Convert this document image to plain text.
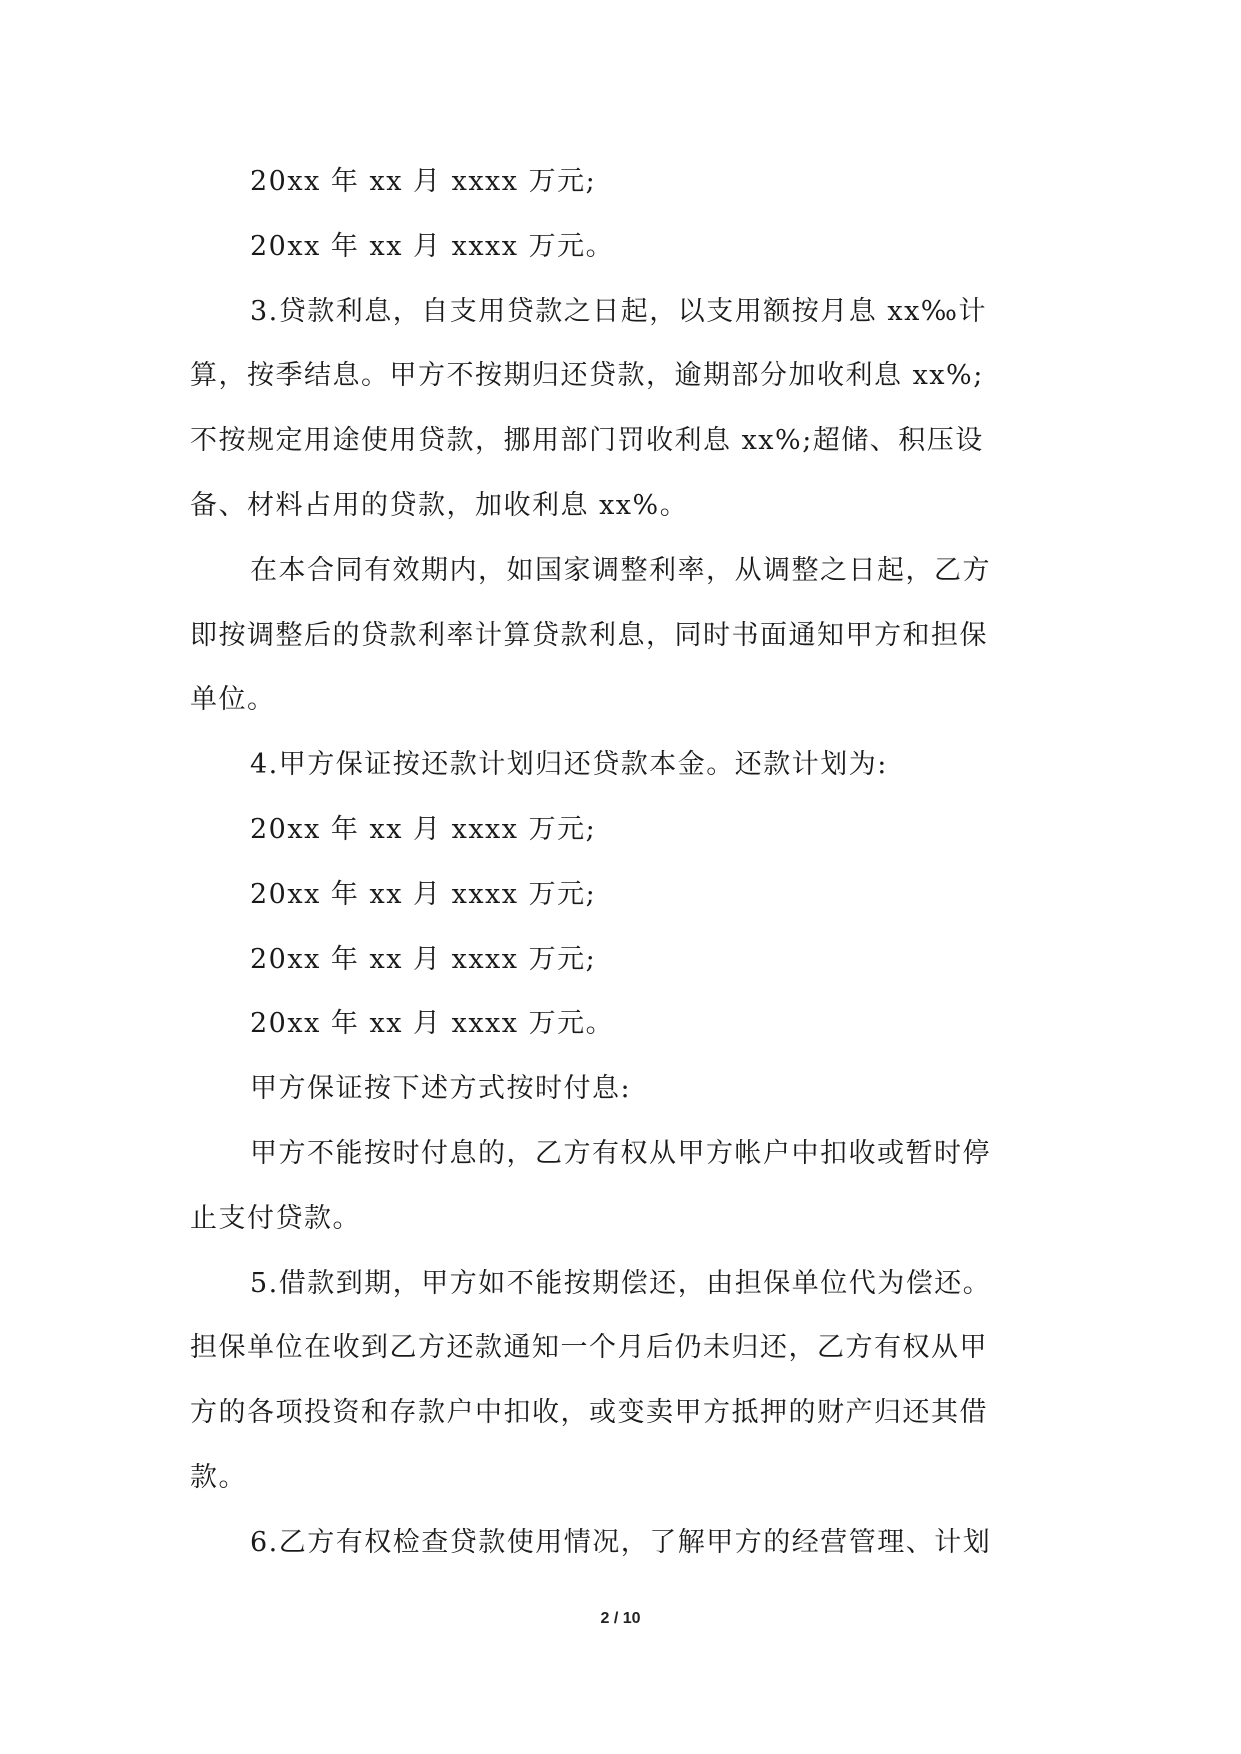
20xx 年 xx 月 xxxx 万元;
20xx 年 xx 月 xxxx 万元。
3.贷款利息，自支用贷款之日起，以支用额按月息 xx‰计
算，按季结息。甲方不按期归还贷款，逾期部分加收利息 xx%;
不按规定用途使用贷款，挪用部门罚收利息 xx%;超储、积压设
备、材料占用的贷款，加收利息 xx%。
在本合同有效期内，如国家调整利率，从调整之日起，乙方
即按调整后的贷款利率计算贷款利息，同时书面通知甲方和担保
单位。
4.甲方保证按还款计划归还贷款本金。还款计划为:
20xx 年 xx 月 xxxx 万元;
20xx 年 xx 月 xxxx 万元;
20xx 年 xx 月 xxxx 万元;
20xx 年 xx 月 xxxx 万元。
甲方保证按下述方式按时付息:
甲方不能按时付息的，乙方有权从甲方帐户中扣收或暂时停
止支付贷款。
5.借款到期，甲方如不能按期偿还，由担保单位代为偿还。
担保单位在收到乙方还款通知一个月后仍未归还，乙方有权从甲
方的各项投资和存款户中扣收，或变卖甲方抵押的财产归还其借
款。
6.乙方有权检查贷款使用情况，了解甲方的经营管理、计划
2 / 10
